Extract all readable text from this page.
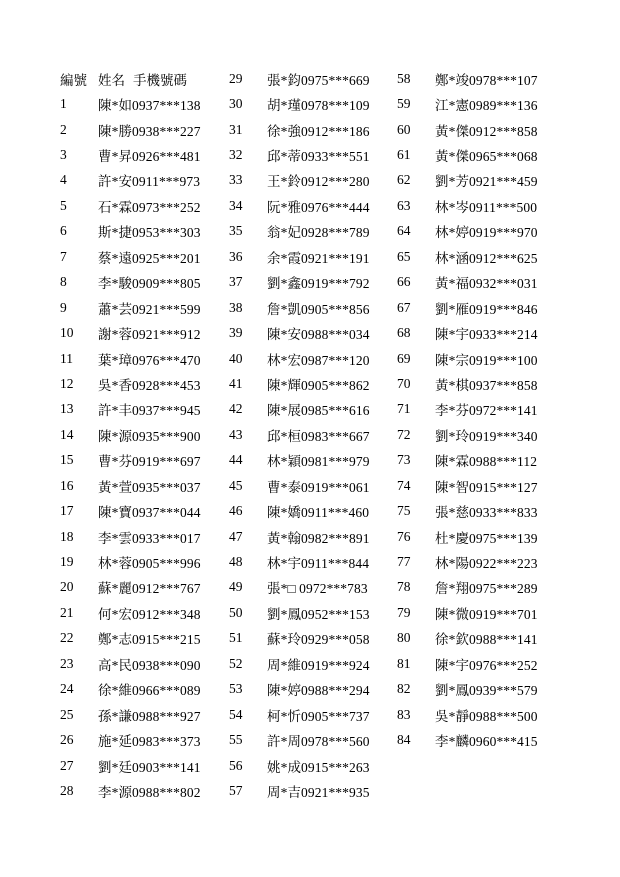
編號 姓名 手機號碼
1	陳*如0937***138
2	陳*勝0938***227
3	曹*昇0926***481
4	許*安0911***973
5	石*霖0973***252
6	斯*捷0953***303
7	蔡*遠0925***201
8	李*駿0909***805
9	蕭*芸0921***599
10	謝*蓉0921***912
11	葉*璋0976***470
12	吳*香0928***453
13	許*丰0937***945
14	陳*源0935***900
15	曹*芬0919***697
16	黃*萱0935***037
17	陳*寶0937***044
18	李*雲0933***017
19	林*蓉0905***996
20	蘇*麗0912***767
21	何*宏0912***348
22	鄭*志0915***215
23	高*民0938***090
24	徐*維0966***089
25	孫*謙0988***927
26	施*延0983***373
27	劉*廷0903***141
28	李*源0988***802
29	張*鈞0975***669
30	胡*瑾0978***109
31	徐*強0912***186
32	邱*蒂0933***551
33	王*鈴0912***280
34	阮*雅0976***444
35	翁*妃0928***789
36	余*霞0921***191
37	劉*鑫0919***792
38	詹*凱0905***856
39	陳*安0988***034
40	林*宏0987***120
41	陳*輝0905***862
42	陳*展0985***616
43	邱*桓0983***667
44	林*穎0981***979
45	曹*泰0919***061
46	陳*嬌0911***460
47	黃*翰0982***891
48	林*宇0911***844
49	張*□ 0972***783
50	劉*鳳0952***153
51	蘇*玲0929***058
52	周*維0919***924
53	陳*婷0988***294
54	柯*忻0905***737
55	許*周0978***560
56	姚*成0915***263
57	周*吉0921***935
58	鄭*竣0978***107
59	江*憲0989***136
60	黃*傑0912***858
61	黃*傑0965***068
62	劉*芳0921***459
63	林*岑0911***500
64	林*婷0919***970
65	林*涵0912***625
66	黃*福0932***031
67	劉*雁0919***846
68	陳*宇0933***214
69	陳*宗0919***100
70	黃*棋0937***858
71	李*芬0972***141
72	劉*玲0919***340
73	陳*霖0988***112
74	陳*智0915***127
75	張*慈0933***833
76	杜*慶0975***139
77	林*陽0922***223
78	詹*翔0975***289
79	陳*微0919***701
80	徐*欽0988***141
81	陳*宇0976***252
82	劉*鳳0939***579
83	吳*靜0988***500
84	李*麟0960***415
